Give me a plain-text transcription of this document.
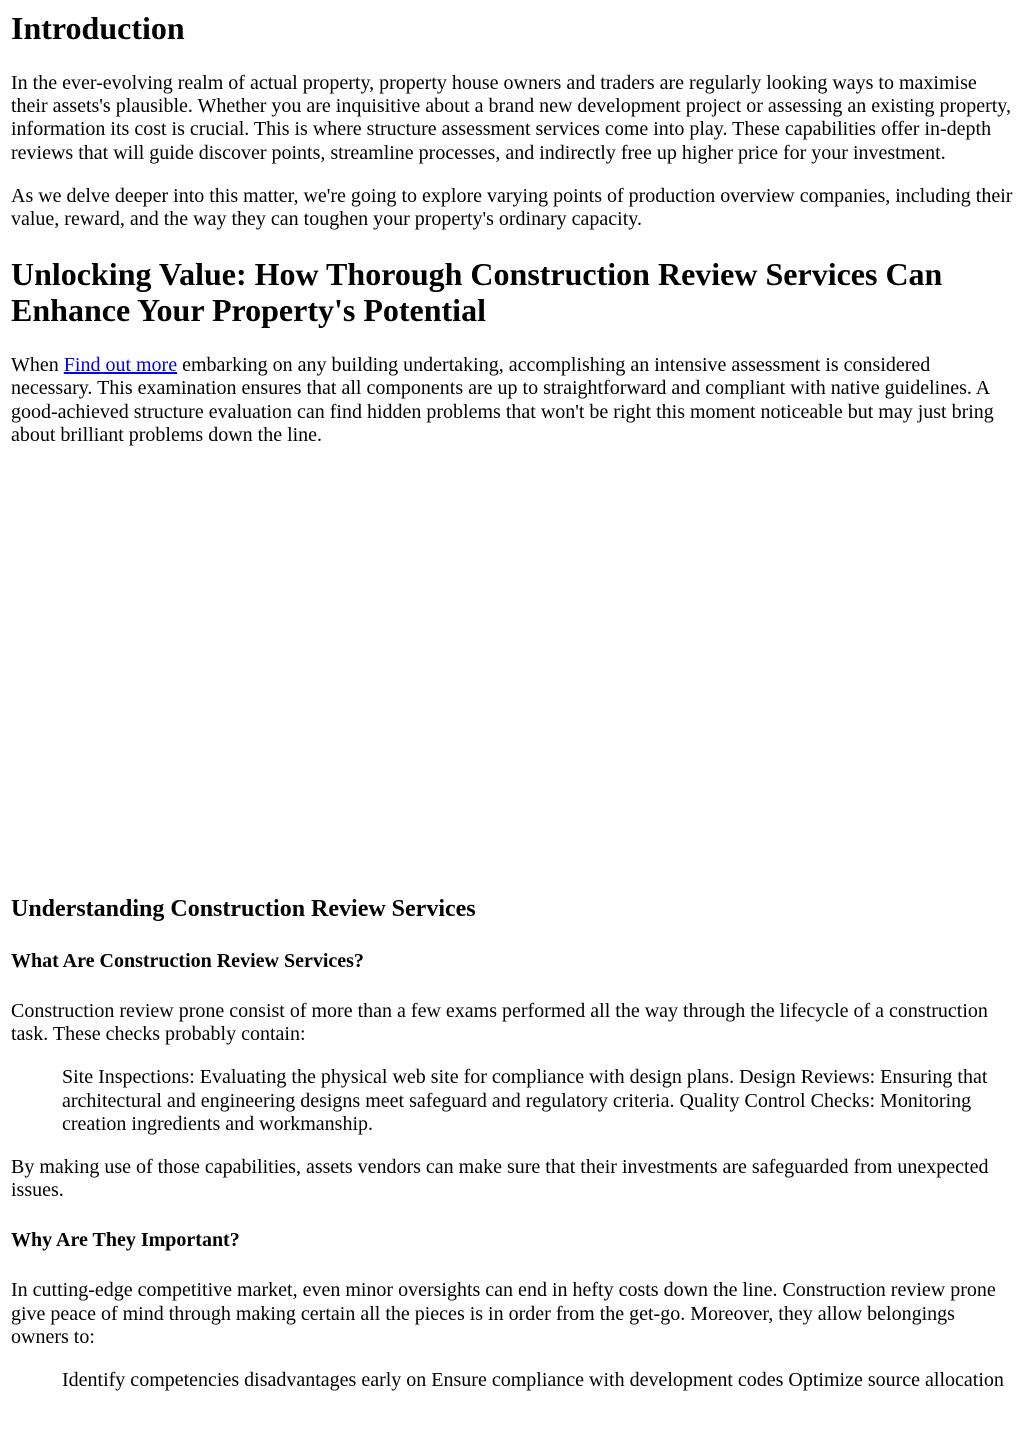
Introduction

In the ever-evolving realm of actual property, property house owners and traders are regularly looking ways to maximise their assets's plausible. Whether you are inquisitive about a brand new development project or assessing an existing property, information its cost is crucial. This is where structure assessment services come into play. These capabilities offer in-depth reviews that will guide discover points, streamline processes, and indirectly free up higher price for your investment.

As we delve deeper into this matter, we're going to explore varying points of production overview companies, including their value, reward, and the way they can toughen your property's ordinary capacity.

Unlocking Value: How Thorough Construction Review Services Can Enhance Your Property's Potential

When Find out more embarking on any building undertaking, accomplishing an intensive assessment is considered necessary. This examination ensures that all components are up to straightforward and compliant with native guidelines. A good-achieved structure evaluation can find hidden problems that won't be right this moment noticeable but may just bring about brilliant problems down the line.

Understanding Construction Review Services
What Are Construction Review Services?

Construction review prone consist of more than a few exams performed all the way through the lifecycle of a construction task. These checks probably contain:

Site Inspections: Evaluating the physical web site for compliance with design plans. Design Reviews: Ensuring that architectural and engineering designs meet safeguard and regulatory criteria. Quality Control Checks: Monitoring creation ingredients and workmanship.

By making use of those capabilities, assets vendors can make sure that their investments are safeguarded from unexpected issues.

Why Are They Important?

In cutting-edge competitive market, even minor oversights can end in hefty costs down the line. Construction review prone give peace of mind through making certain all the pieces is in order from the get-go. Moreover, they allow belongings owners to:

Identify competencies disadvantages early on Ensure compliance with development codes Optimize source allocation
